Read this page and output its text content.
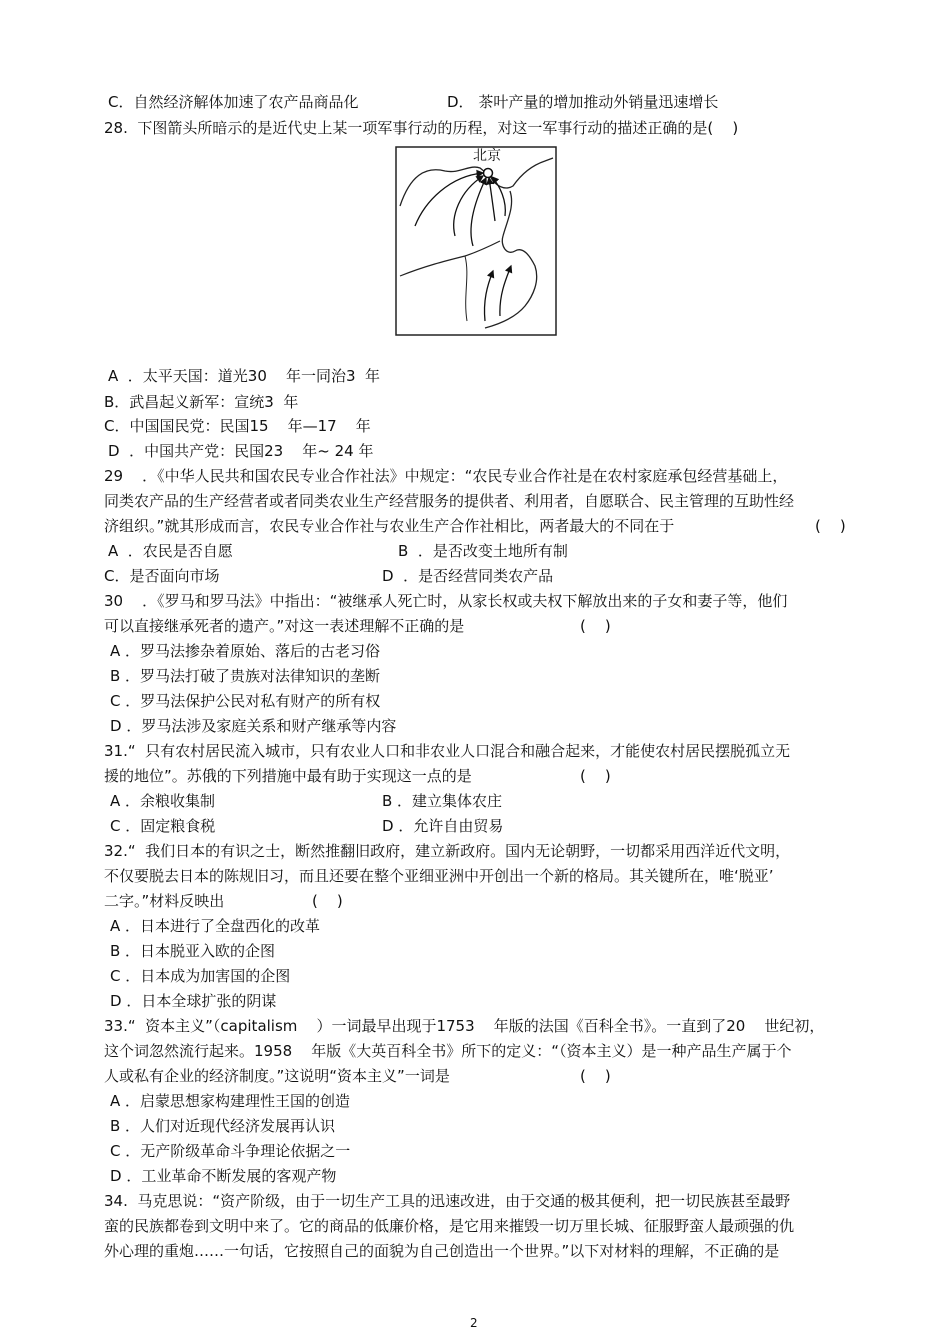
C．自然经济解体加速了农产品商品化	D． 茶叶产量的增加推动外销量迅速增长
28.  下图箭头所暗示的是近代史上某一项军事行动的历程，对这一军事行动的描述正确的是(    )
北京
A  ．太平天国：道光30    年一同治3  年
B．武昌起义新军：宣统3  年
C．中国国民党：民国15    年—17    年
D  ．中国共产党：民国23    年~ 24 年
29    ．《中华人民共和国农民专业合作社法》中规定：“农民专业合作社是在农村家庭承包经营基础上，
同类农产品的生产经营者或者同类农业生产经营服务的提供者、利用者，自愿联合、民主管理的互助性经
济组织。”就其形成而言，农民专业合作社与农业生产合作社相比，两者最大的不同在于	(    )
A  ．农民是否自愿	B  ．是否改变土地所有制
C．是否面向市场	D  ．是否经营同类农产品
30    ．《罗马和罗马法》中指出：“被继承人死亡时，从家长权或夫权下解放出来的子女和妻子等，他们
可以直接继承死者的遗产。”对这一表述理解不正确的是	(    )
A ．罗马法掺杂着原始、落后的古老习俗
B ．罗马法打破了贵族对法律知识的垄断
C ．罗马法保护公民对私有财产的所有权
D ．罗马法涉及家庭关系和财产继承等内容
31.“  只有农村居民流入城市，只有农业人口和非农业人口混合和融合起来，才能使农村居民摆脱孤立无
援的地位”。苏俄的下列措施中最有助于实现这一点的是	(    )
A ．余粮收集制	B ．建立集体农庄
C ．固定粮食税	D ．允许自由贸易
32.“  我们日本的有识之士，断然推翻旧政府，建立新政府。国内无论朝野，一切都采用西洋近代文明，
不仅要脱去日本的陈规旧习，而且还要在整个亚细亚洲中开创出一个新的格局。其关键所在，唯‘脱亚’
二字。”材料反映出	(    )
A ．日本进行了全盘西化的改革
B ．日本脱亚入欧的企图
C ．日本成为加害国的企图
D ．日本全球扩张的阴谋
33.“  资本主义”（capitalism    ）一词最早出现于1753    年版的法国《百科全书》。一直到了20    世纪初，
这个词忽然流行起来。1958    年版《大英百科全书》所下的定义：“（资本主义）是一种产品生产属于个
人或私有企业的经济制度。”这说明“资本主义”一词是	(    )
A ．启蒙思想家构建理性王国的创造
B ．人们对近现代经济发展再认识
C ．无产阶级革命斗争理论依据之一
D ．工业革命不断发展的客观产物
34.  马克思说：“资产阶级，由于一切生产工具的迅速改进，由于交通的极其便利，把一切民族甚至最野
蛮的民族都卷到文明中来了。它的商品的低廉价格，是它用来摧毁一切万里长城、征服野蛮人最顽强的仇
外心理的重炮……一句话，它按照自己的面貌为自己创造出一个世界。”以下对材料的理解，不正确的是
2
